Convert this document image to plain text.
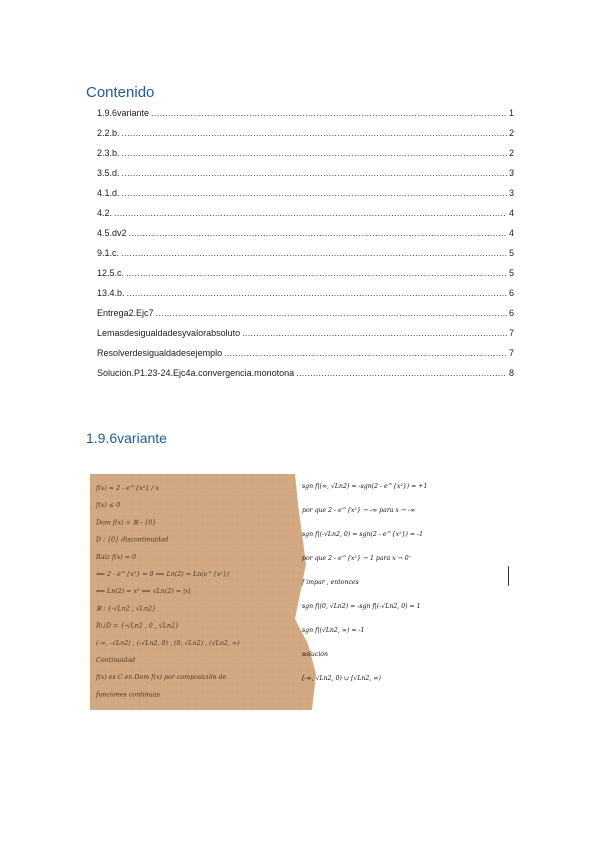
Contenido
1.9.6variante .....	1
2.2.b. .....	2
2.3.b. .....	2
3.5.d. .....	3
4.1.d. .....	3
4.2. .....	4
4.5.dv2 .....	4
9.1.c. .....	5
12.5.c. .....	5
13.4.b. .....	6
Entrega2.Ejc7 .....	6
Lemasdesigualdadesyvalorabsoluto .....	7
Resolverdesigualdadesejemplo .....	7
Solución.P1.23-24.Ejc4a.convergencia.monotona .....	8
1.9.6variante
f(x) = 2 - e^{x²} / x
f(x) ≤ 0
Dom f(x) = ℝ - {0}
D : {0} discontinuidad
Raíz f(x) = 0
⟺ 2 - e^{x²} = 0 ⟺ Ln(2) = Ln(e^{x²})
⟺ Ln(2) = x² ⟺ √Ln(2) = |x|
ℝ : {-√Ln2 , √Ln2}
R∪D = {-√Ln2 , 0 , √Ln2}
(-∞, -√Ln2) , (-√Ln2, 0) , (0, √Ln2) , (√Ln2, ∞)
Continuidad
f(x) es C en Dom f(x) por composición de
funciones continuas
sgn f|(∞, √Ln2) = -sgn(2 - e^{x²}) = +1
por que 2 - e^{x²} → -∞ para x → -∞
sgn f|(-√Ln2, 0) = sgn(2 - e^{x²}) = -1
por que 2 - e^{x²} → 1 para x → 0⁻
f impar , entonces
sgn f|(0, √Ln2) = -sgn f|(-√Ln2, 0) = 1
sgn f|(√Ln2, ∞) = -1
solución
[-∞, √Ln2, 0) ∪ [√Ln2, ∞)
